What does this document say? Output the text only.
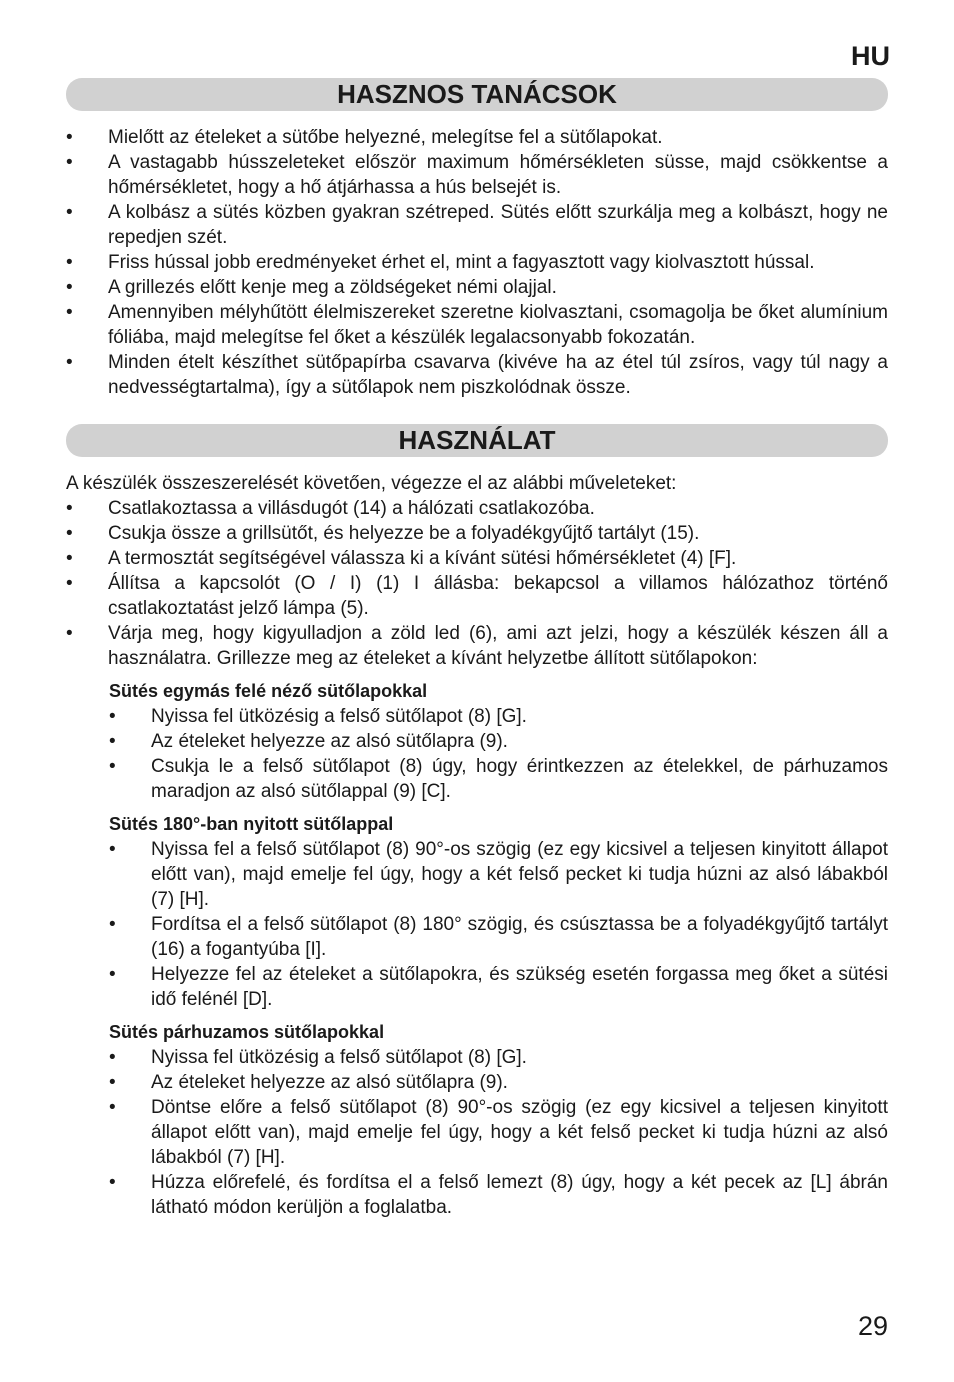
HU
HASZNOS TANÁCSOK
• Mielőtt az ételeket a sütőbe helyezné, melegítse fel a sütőlapokat.
• A vastagabb hússzeleteket először maximum hőmérsékleten süsse, majd csökkentse a hőmérsékletet, hogy a hő átjárhassa a hús belsejét is.
• A kolbász a sütés közben gyakran szétreped. Sütés előtt szurkálja meg a kolbászt, hogy ne repedjen szét.
• Friss hússal jobb eredményeket érhet el, mint a fagyasztott vagy kiolvasztott hússal.
• A grillezés előtt kenje meg a zöldségeket némi olajjal.
• Amennyiben mélyhűtött élelmiszereket szeretne kiolvasztani, csomagolja be őket alumínium fóliába, majd melegítse fel őket a készülék legalacsonyabb fokozatán.
• Minden ételt készíthet sütőpapírba csavarva (kivéve ha az étel túl zsíros, vagy túl nagy a nedvességtartalma), így a sütőlapok nem piszkolódnak össze.
HASZNÁLAT
A készülék összeszerelését követően, végezze el az alábbi műveleteket:
• Csatlakoztassa a villásdugót (14) a hálózati csatlakozóba.
• Csukja össze a grillsütőt, és helyezze be a folyadékgyűjtő tartályt (15).
• A termosztát segítségével válassza ki a kívánt sütési hőmérsékletet (4) [F].
• Állítsa a kapcsolót (O / I) (1) I állásba: bekapcsol a villamos hálózathoz történő csatlakoztatást jelző lámpa (5).
• Várja meg, hogy kigyulladjon a zöld led (6), ami azt jelzi, hogy a készülék készen áll a használatra. Grillezze meg az ételeket a kívánt helyzetbe állított sütőlapokon:
Sütés egymás felé néző sütőlapokkal
• Nyissa fel ütközésig a felső sütőlapot (8) [G].
• Az ételeket helyezze az alsó sütőlapra (9).
• Csukja le a felső sütőlapot (8) úgy, hogy érintkezzen az ételekkel, de párhuzamos maradjon az alsó sütőlappal (9) [C].
Sütés 180°-ban nyitott sütőlappal
• Nyissa fel a felső sütőlapot (8) 90°-os szögig (ez egy kicsivel a teljesen kinyitott állapot előtt van), majd emelje fel úgy, hogy a két felső pecket ki tudja húzni az alsó lábakból (7) [H].
• Fordítsa el a felső sütőlapot (8) 180° szögig, és csúsztassa be a folyadékgyűjtő tartályt (16) a fogantyúba [I].
• Helyezze fel az ételeket a sütőlapokra, és szükség esetén forgassa meg őket a sütési idő felénél [D].
Sütés párhuzamos sütőlapokkal
• Nyissa fel ütközésig a felső sütőlapot (8) [G].
• Az ételeket helyezze az alsó sütőlapra (9).
• Döntse előre a felső sütőlapot (8) 90°-os szögig (ez egy kicsivel a teljesen kinyitott állapot előtt van), majd emelje fel úgy, hogy a két felső pecket ki tudja húzni az alsó lábakból (7) [H].
• Húzza előrefelé, és fordítsa el a felső lemezt (8) úgy, hogy a két pecek az [L] ábrán látható módon kerüljön a foglalatba.
29
